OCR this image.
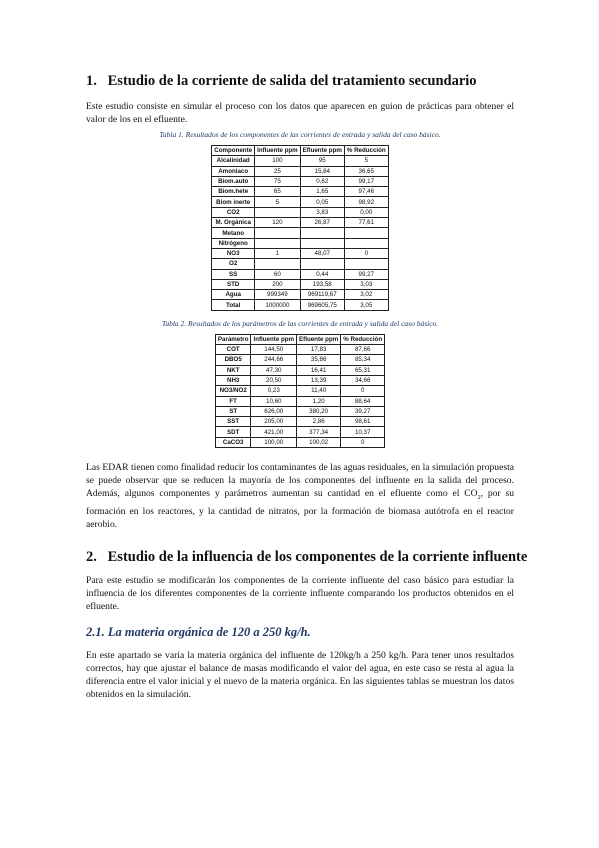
1. Estudio de la corriente de salida del tratamiento secundario

Este estudio consiste en simular el proceso con los datos que aparecen en guion de prácticas para obtener el valor de los en el efluente.

Tabla 1. Resultados de los componentes de las corrientes de entrada y salida del caso básico.
Componente	Influente ppm	Efluente ppm	% Reducción
Alcalinidad	100	95	5
Amoniaco	25	15,84	36,65
Biom.auto	75	0,62	99,17
Biom.hete	65	1,65	97,46
Biom inerte	5	0,05	98,92
CO2		3,83	0,00
M. Orgánica	120	26,87	77,61
Metano			
Nitrógeno			
NO3	1	48,07	0
O2			
SS	60	0,44	99,27
STD	200	193,58	3,03
Agua	999349	969119,67	3,02
Total	1000000	969605,75	3,05
Tabla 2. Resultados de los parámetros de las corrientes de entrada y salida del caso básico.
Parámetro	Influente ppm	Efluente ppm	% Reducción
COT	144,50	17,83	87,66
DBO5	244,66	35,86	85,34
NKT	47,30	16,41	65,31
NH3	20,50	13,39	34,66
NO3/NO2	0,23	11,40	0
FT	10,60	1,20	88,64
ST	626,00	380,20	39,27
SST	205,00	2,86	98,61
SDT	421,00	377,34	10,37
CaCO3	100,00	100,02	0

Las EDAR tienen como finalidad reducir los contaminantes de las aguas residuales, en la simulación propuesta se puede observar que se reducen la mayoría de los componentes del influente en la salida del proceso. Además, algunos componentes y parámetros aumentan su cantidad en el efluente como el $CO_2$, por su formación en los reactores, y la cantidad de nitratos, por la formación de biomasa autótrofa en el reactor aerobio.

2. Estudio de la influencia de los componentes de la corriente influente

Para este estudio se modificarán los componentes de la corriente influente del caso básico para estudiar la influencia de los diferentes componentes de la corriente influente comparando los productos obtenidos en el efluente.

2.1. La materia orgánica de 120 a 250 kg/h.

En este apartado se varía la materia orgánica del influente de 120kg/h a 250 kg/h. Para tener unos resultados correctos, hay que ajustar el balance de masas modificando el valor del agua, en este caso se resta al agua la diferencia entre el valor inicial y el nuevo de la materia orgánica. En las siguientes tablas se muestran los datos obtenidos en la simulación.
